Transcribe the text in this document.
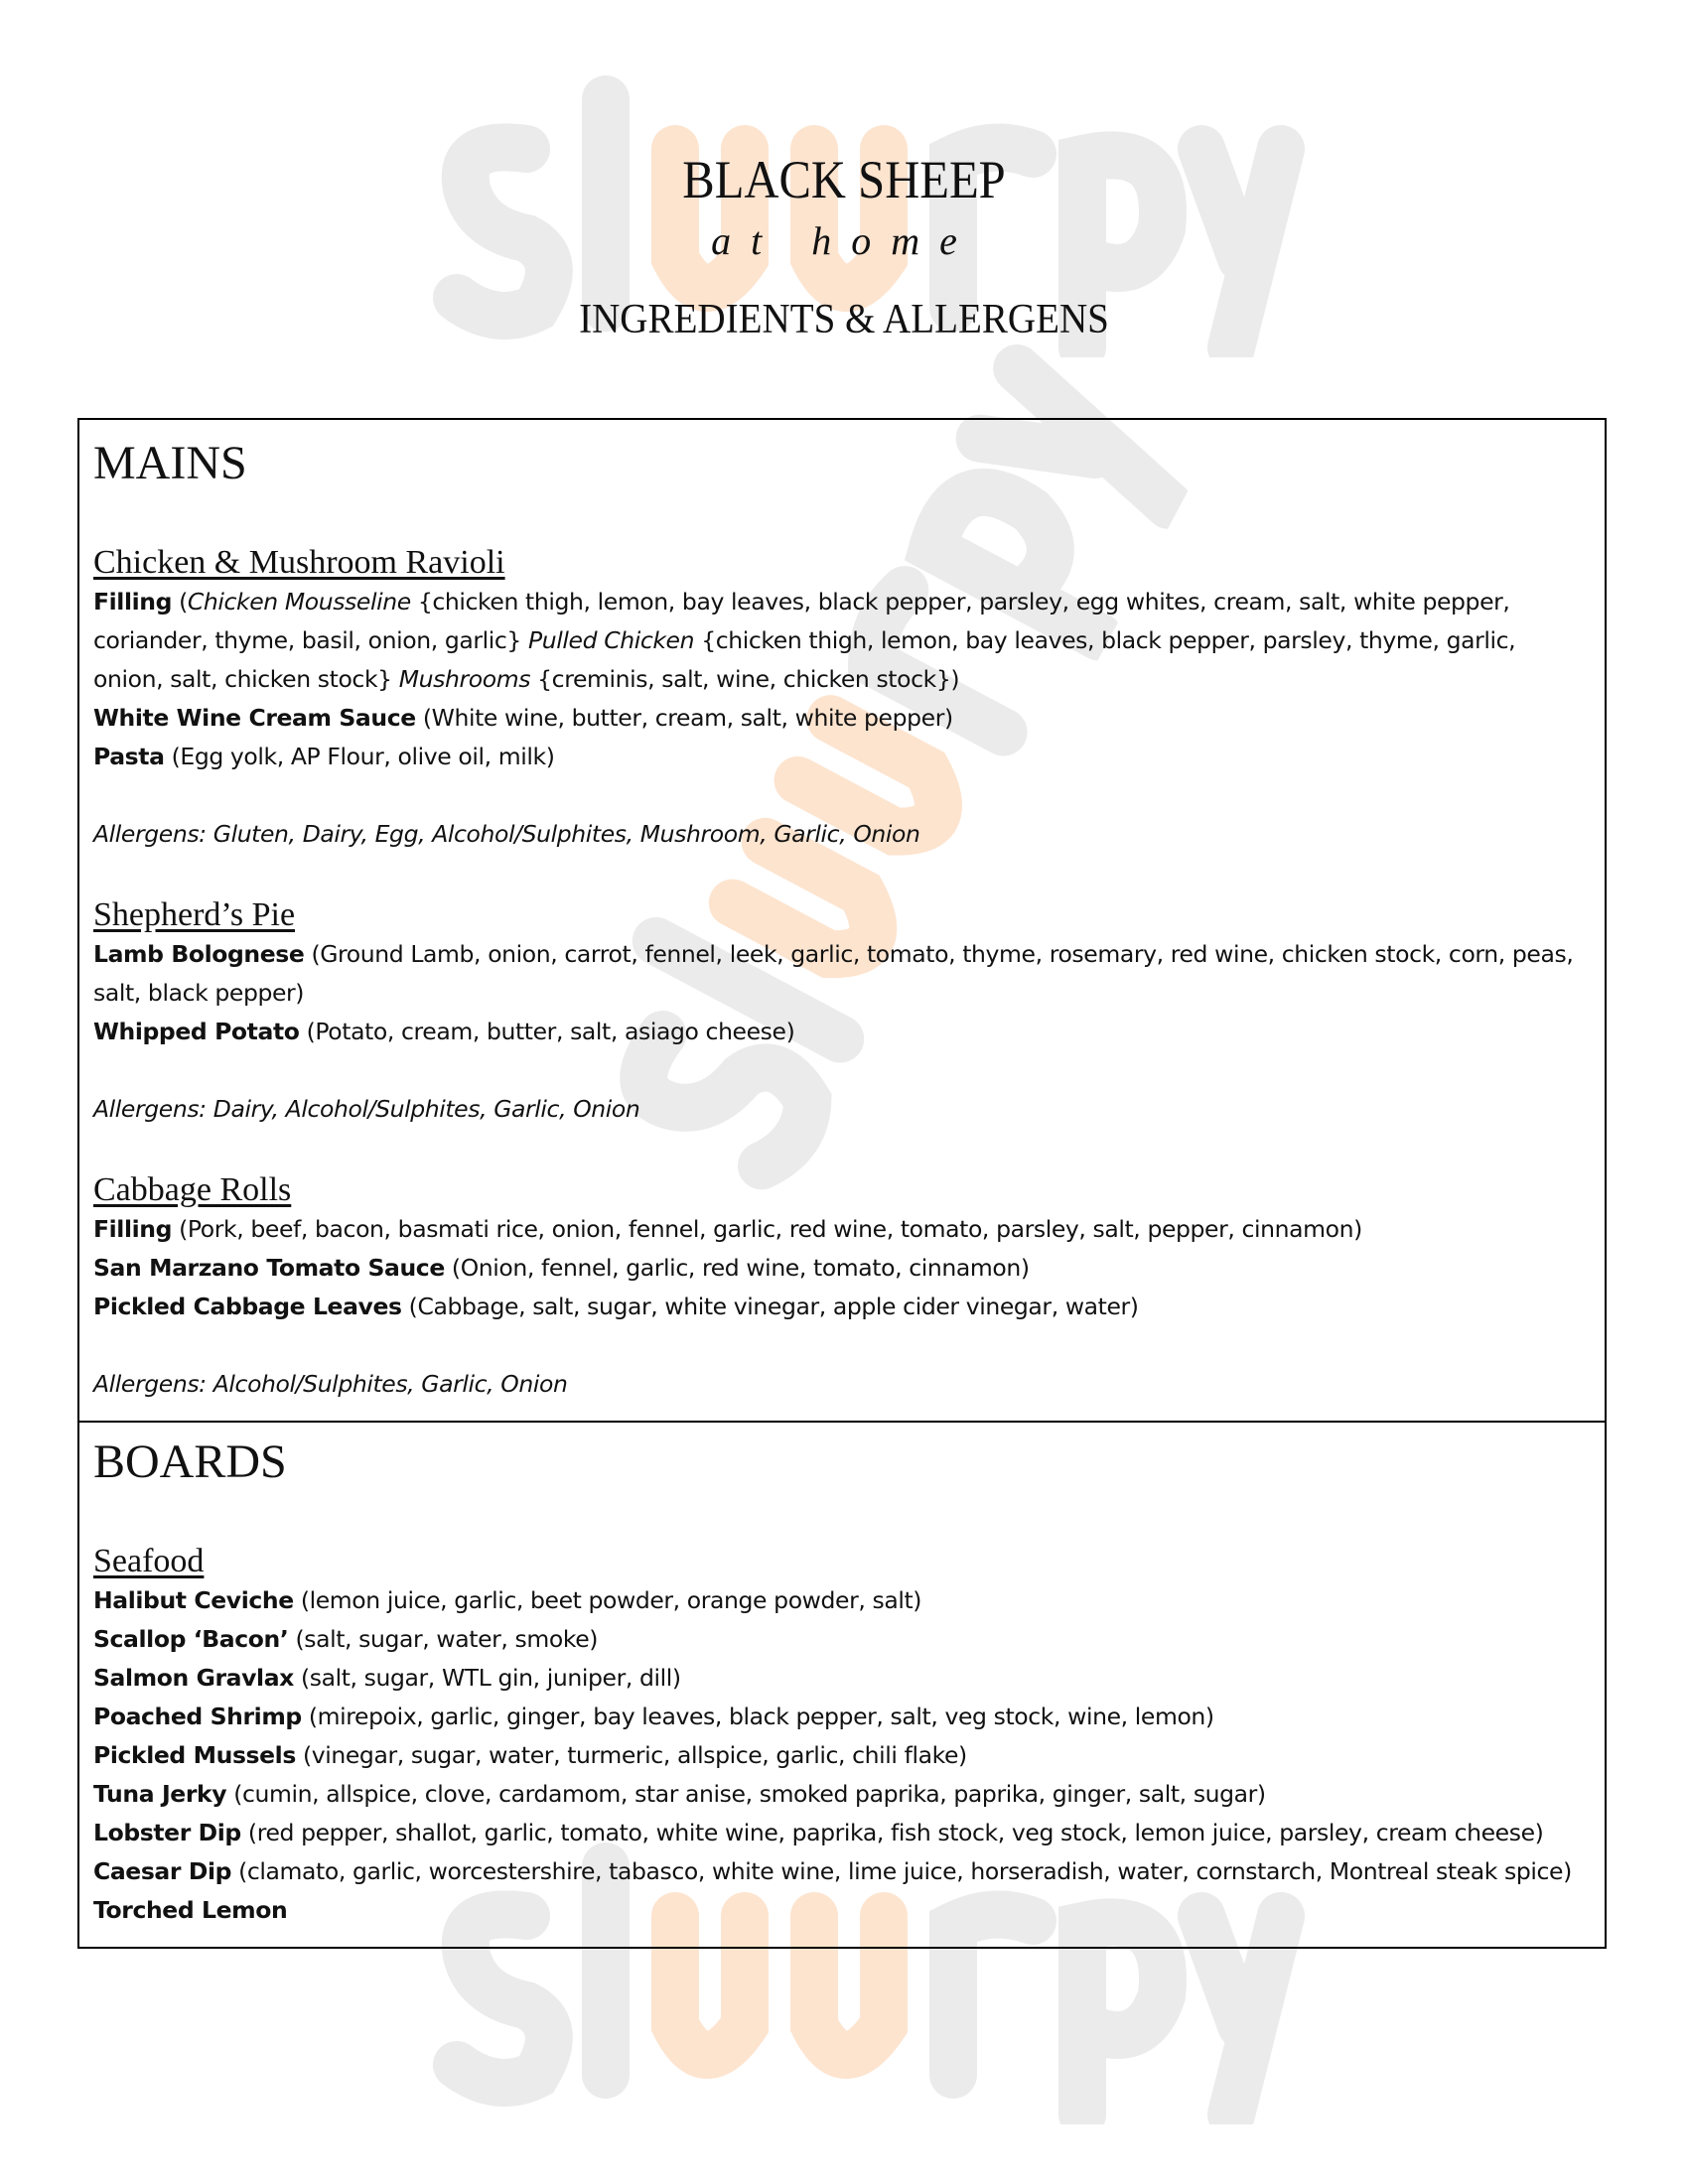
BLACK SHEEP
at home
INGREDIENTS & ALLERGENS
MAINS
Chicken & Mushroom Ravioli
Filling (Chicken Mousseline {chicken thigh, lemon, bay leaves, black pepper, parsley, egg whites, cream, salt, white pepper, coriander, thyme, basil, onion, garlic} Pulled Chicken {chicken thigh, lemon, bay leaves, black pepper, parsley, thyme, garlic, onion, salt, chicken stock} Mushrooms {creminis, salt, wine, chicken stock})
White Wine Cream Sauce (White wine, butter, cream, salt, white pepper)
Pasta (Egg yolk, AP Flour, olive oil, milk)
Allergens: Gluten, Dairy, Egg, Alcohol/Sulphites, Mushroom, Garlic, Onion
Shepherd’s Pie
Lamb Bolognese (Ground Lamb, onion, carrot, fennel, leek, garlic, tomato, thyme, rosemary, red wine, chicken stock, corn, peas, salt, black pepper)
Whipped Potato (Potato, cream, butter, salt, asiago cheese)
Allergens: Dairy, Alcohol/Sulphites, Garlic, Onion
Cabbage Rolls
Filling (Pork, beef, bacon, basmati rice, onion, fennel, garlic, red wine, tomato, parsley, salt, pepper, cinnamon)
San Marzano Tomato Sauce (Onion, fennel, garlic, red wine, tomato, cinnamon)
Pickled Cabbage Leaves (Cabbage, salt, sugar, white vinegar, apple cider vinegar, water)
Allergens: Alcohol/Sulphites, Garlic, Onion
BOARDS
Seafood
Halibut Ceviche (lemon juice, garlic, beet powder, orange powder, salt)
Scallop ‘Bacon’ (salt, sugar, water, smoke)
Salmon Gravlax (salt, sugar, WTL gin, juniper, dill)
Poached Shrimp (mirepoix, garlic, ginger, bay leaves, black pepper, salt, veg stock, wine, lemon)
Pickled Mussels (vinegar, sugar, water, turmeric, allspice, garlic, chili flake)
Tuna Jerky (cumin, allspice, clove, cardamom, star anise, smoked paprika, paprika, ginger, salt, sugar)
Lobster Dip (red pepper, shallot, garlic, tomato, white wine, paprika, fish stock, veg stock, lemon juice, parsley, cream cheese)
Caesar Dip (clamato, garlic, worcestershire, tabasco, white wine, lime juice, horseradish, water, cornstarch, Montreal steak spice)
Torched Lemon
